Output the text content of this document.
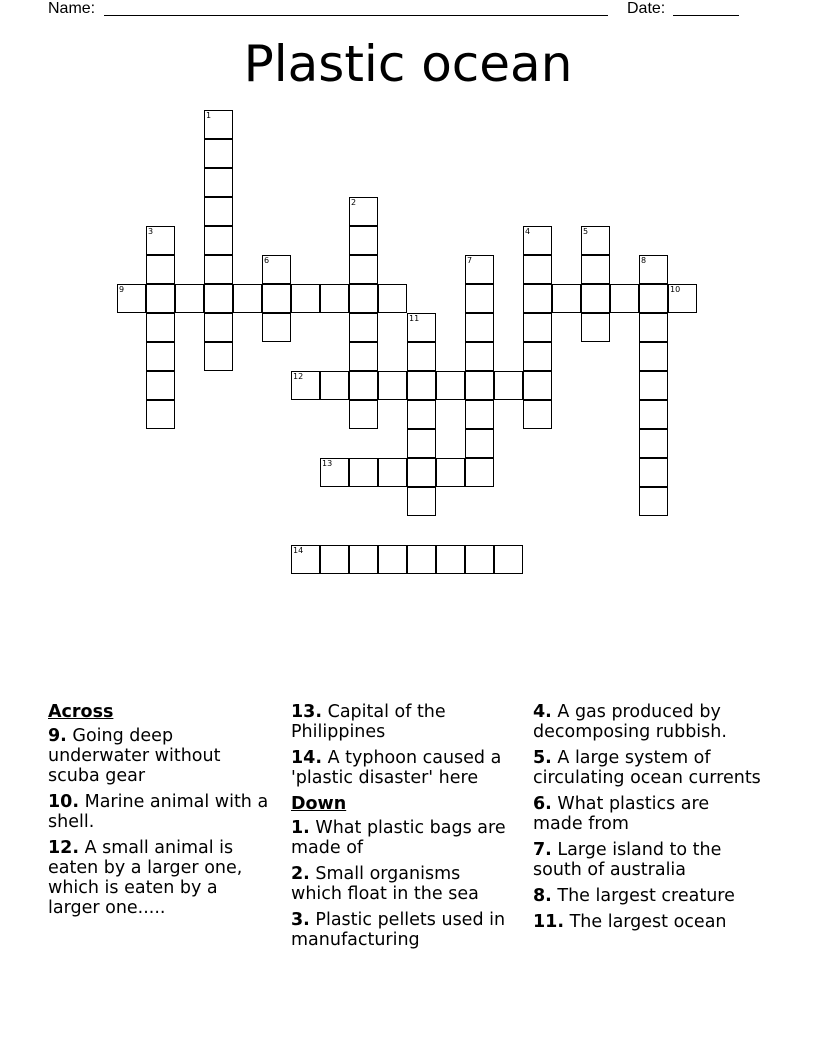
Name:	Date:
Plastic ocean
1
2
3	4	5
6	7	8
9	10
11
12
13
14
Across
9. Going deep underwater without scuba gear
10. Marine animal with a shell.
12. A small animal is eaten by a larger one, which is eaten by a larger one.....
13. Capital of the Philippines
14. A typhoon caused a 'plastic disaster' here
Down
1. What plastic bags are made of
2. Small organisms which float in the sea
3. Plastic pellets used in manufacturing
4. A gas produced by decomposing rubbish.
5. A large system of circulating ocean currents
6. What plastics are made from
7. Large island to the south of australia
8. The largest creature
11. The largest ocean
